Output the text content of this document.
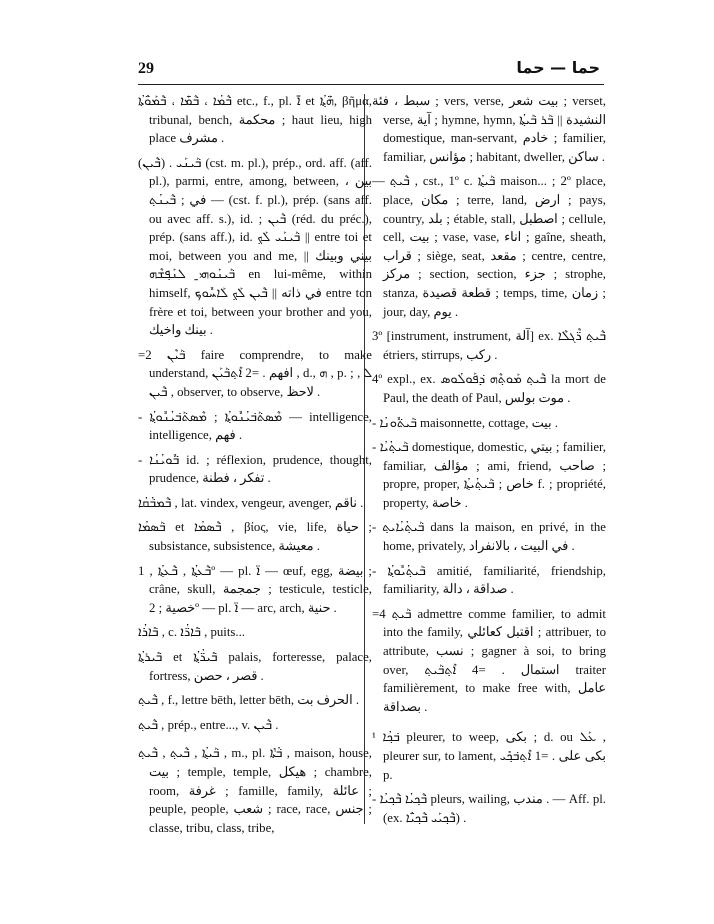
29	حما — حما

ܒ݁ܶܡܳܐ ، ܒ݁ܶܡ̈ܰܐ ، ܒ݁ܶܡܰܘ̈ܳܬܳܐ etc., f., pl. ܐ̈ܰ et ܗ̈ܰܬ݂ܳܐ, βῆμα, tribunal, bench, محكمة ; haut lieu, high place مشرف .

(ܒ݁ܶܝܢ) . ܒ݁ܰܝܢܰܝ (cst. m. pl.), prép., ord. aff. (aff. pl.), parmi, entre, among, between, بين ، في ; ܒ݁ܶܝܢܳܬ݂ — (cst. f. pl.), prép. (sans aff. ou avec aff. s.), id. ; ܒ݁ܶܝܢ (réd. du préc.), prép. (sans aff.), id. ܒ݁ܰܝܢܰܝ ܠܰܟ݂ || entre toi et moi, between you and me, بيني وبينك || ܒ݁ܰܝܢܰܘܗ̱ܝ ܠܢܰܦ݂ܫܶܗ en lui-même, within himself, في ذاته || ܒ݁ܶܝܢ ܠܰܟ݂ ܠܰܐܚܽܘܟ݂ entre ton frère et toi, between your brother and you, بينك واخيك .

=2 ܒ݁ܰܝܶܢ faire comprendre, to make understand, افهم . =2 ܐܶܬ݂ܒ݁ܰܝܰܢ , d., ܗ , p. ; ܠ , ܒ݁ܶܝܢ , observer, to observe, لاحظ .

- ܡܶܣܬ݁ܰܒ݁ܝܳܢܽܘܬ݂ܳܐ ; ܡܶܣܬ݁ܰܒ݁ܝܳܢܽܘܬ݂ܳܐ — intelligence, intelligence, فهم .

- ܒ݁ܽܘܝܳܢܳܐ id. ; réflexion, prudence, thought, prudence, تفكر ، فطنة .

ܒ݁ܶܡܒ݁ܳܩܳܐ , lat. vindex, vengeur, avenger, ناقم .

ܒ݁ܰܣܡܳܐ et ܒ݁ܶܣܡܳܐ , βίος, vie, life, حياة ; subsistance, subsistence, معيشة .

ܒ݁ܶܥܬ݂ܳܐ , ܒ݁ܶܥܬ݂ܳܐ , 1º — pl. ܐ̈ — œuf, egg, بيضة ; crâne, skull, جمجمة ; testicule, testicle, خصية ; 2º — pl. ܐ̈ — arc, arch, حنية .

ܒ݁ܺܐܪܳܐ , c. ܒ݁ܺܐܪ̈ܳܐ , puits...

ܒ݁ܺܝܪܬ݂ܳܐ et ܒ݁ܺܝܪ̈ܳܬ݂ܳܐ palais, forteresse, palace, fortress, قصر ، حصن .

ܒ݁ܶܝܬ݂ , f., lettre bēth, letter bēth, الحرف بت .

ܒ݁ܶܝܬ݂ , prép., entre..., v. ܒ݁ܶܝܢ .

ܒ݁ܰܝܬ݂ܳܐ , ܒ݁ܶܝܬ݂ , ܒ݁ܶܝܬ݂ , m., pl. ܒ݁ܳܬ݁ܺܐ , maison, house, بيت ; temple, temple, هيكل ; chambre, room, غرفة ; famille, family, عائلة ; peuple, people, شعب ; race, race, جنس ; classe, tribu, class, tribe,

سبط ، فئة ; vers, verse, بيت شعر ; verset, verse, آية ; hymne, hymn, النشيدة || ܒ݁ܰܪ ܒ݁ܰܝܬ݂ܳܐ domestique, man-servant, خادم ; familier, familiar, مؤانس ; habitant, dweller, ساكن .

— ܒ݁ܶܝܬ݂ , cst., 1º c. ܒ݁ܰܝܬ݂ܳܐ maison... ; 2º place, place, مكان ; terre, land, ارض ; pays, country, بلد ; étable, stall, اصطبل ; cellule, cell, بيت ; vase, vase, اناء ; gaîne, sheath, قراب ; siège, seat, مقعد ; centre, centre, مركز ; section, section, جزء ; strophe, stanza, قطعة قصيدة ; temps, time, زمان ; jour, day, يوم .

3º [instrument, instrument, آلة] ex. ܒ݁ܶܝܬ݂ ܪ̈ܶܓܠܶܐ étriers, stirrups, ركب .

4º expl., ex. ܒ݁ܶܝܬ݂ ܡܰܘܬ݂ܶܗ ܕ݁ܦܰܘܠܳܘܣ la mort de Paul, the death of Paul, موت بولس .

- ܒ݁ܰܝܬ݁ܽܘܢܳܐ maisonnette, cottage, بيت .

- ܒ݁ܰܝܬ݂ܳܝܳܐ domestique, domestic, بيتي ; familier, familiar, مؤالف ; ami, friend, صاحب ; propre, proper, خاص ; ܒ݁ܰܝܬ݂ܳܝܬ݂ܳܐ f. ; propriété, property, خاصة .

- ܒ݁ܰܝܬ݂ܳܝܳܐܝܬ݂ dans la maison, en privé, in the home, privately, في البيت ، بالانفراد .

- ܒ݁ܰܝܬ݂ܳܝܽܘܬ݂ܳܐ amitié, familiarité, friendship, familiarity, صداقة ، دالة .

=4 ܒ݁ܰܝܬ݂ admettre comme familier, to admit into the family, اقتبل كعائلي ; attribuer, to attribute, نسب ; gagner à soi, to bring over, استمال . =4 ܐܶܬ݂ܒ݁ܰܝܬ݂ traiter familièrement, to make free with, عامل بصداقة .

¹ ܒ݁ܟ݂ܳܐ pleurer, to weep, بكى ; d. ou ܥܰܠ , pleurer sur, to lament, بكى على . =1 ܐܶܬ݂ܒ݁ܟ݂ܺܝ p.

- ܒ݁ܶܟ݂ܝܳܐ ܒ݁ܶܟ݂ܝܳܐ pleurs, wailing, مندب . — Aff. pl. (ex. ܒ݁ܶܟ݂ܝܰܝ ܒ݁ܶܟ݂ܝ̈ܳܐ) .
